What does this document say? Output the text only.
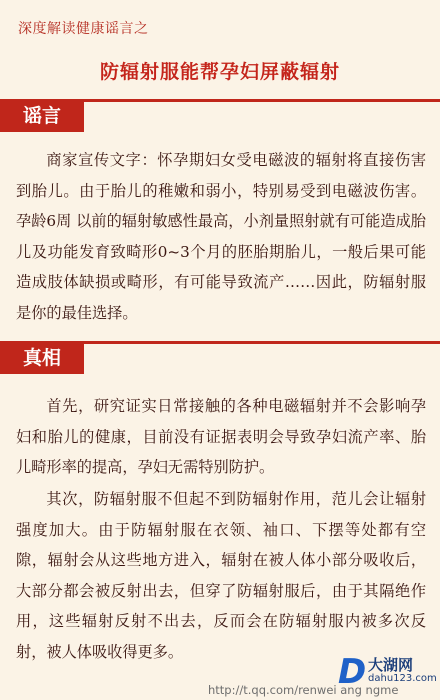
深度解读健康谣言之
防辐射服能帮孕妇屏蔽辐射
谣言
商家宣传文字：怀孕期妇女受电磁波的辐射将直接伤害到胎儿。由于胎儿的稚嫩和弱小，特别易受到电磁波伤害。孕龄6周 以前的辐射敏感性最高，小剂量照射就有可能造成胎儿及功能发育致畸形0~3个月的胚胎期胎儿，一般后果可能造成肢体缺损或畸形，有可能导致流产……因此，防辐射服是你的最佳选择。
真相
首先，研究证实日常接触的各种电磁辐射并不会影响孕妇和胎儿的健康，目前没有证据表明会导致孕妇流产率、胎儿畸形率的提高，孕妇无需特别防护。
其次，防辐射服不但起不到防辐射作用，范儿会让辐射强度加大。由于防辐射服在衣领、袖口、下摆等处都有空隙，辐射会从这些地方进入，辐射在被人体小部分吸收后，大部分都会被反射出去，但穿了防辐射服后，由于其隔绝作用，这些辐射反射不出去，反而会在防辐射服内被多次反射，被人体吸收得更多。
http://t.qq.com/renwei ang ngme
D 大湖网
dahu123.com
